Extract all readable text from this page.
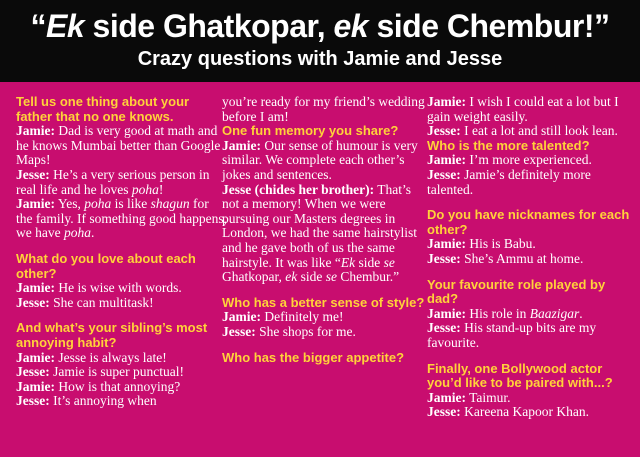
“Ek side Ghatkopar, ek side Chembur!”
Crazy questions with Jamie and Jesse

Tell us one thing about your father that no one knows.

Jamie: Dad is very good at math and he knows Mumbai better than Google Maps!

Jesse: He’s a very serious person in real life and he loves poha!

Jamie: Yes, poha is like shagun for the family. If something good happens, we have poha.

What do you love about each other?

Jamie: He is wise with words.

Jesse: She can multitask!

And what’s your sibling’s most annoying habit?

Jamie: Jesse is always late!

Jesse: Jamie is super punctual!

Jamie: How is that annoying?

Jesse: It’s annoying when

you’re ready for my friend’s wedding before I am!

One fun memory you share?

Jamie: Our sense of humour is very similar. We complete each other’s jokes and sentences.

Jesse (chides her brother): That’s not a memory! When we were pursuing our Masters degrees in London, we had the same hairstylist and he gave both of us the same hairstyle. It was like “Ek side se Ghatkopar, ek side se Chembur.”

Who has a better sense of style?

Jamie: Definitely me!

Jesse: She shops for me.

Who has the bigger appetite?

Jamie: I wish I could eat a lot but I gain weight easily.

Jesse: I eat a lot and still look lean.

Who is the more talented?

Jamie: I’m more experienced.

Jesse: Jamie’s definitely more talented.

Do you have nicknames for each other?

Jamie: His is Babu.

Jesse: She’s Ammu at home.

Your favourite role played by dad?

Jamie: His role in Baazigar.

Jesse: His stand-up bits are my favourite.

Finally, one Bollywood actor you’d like to be paired with...?

Jamie: Taimur.

Jesse: Kareena Kapoor Khan.
